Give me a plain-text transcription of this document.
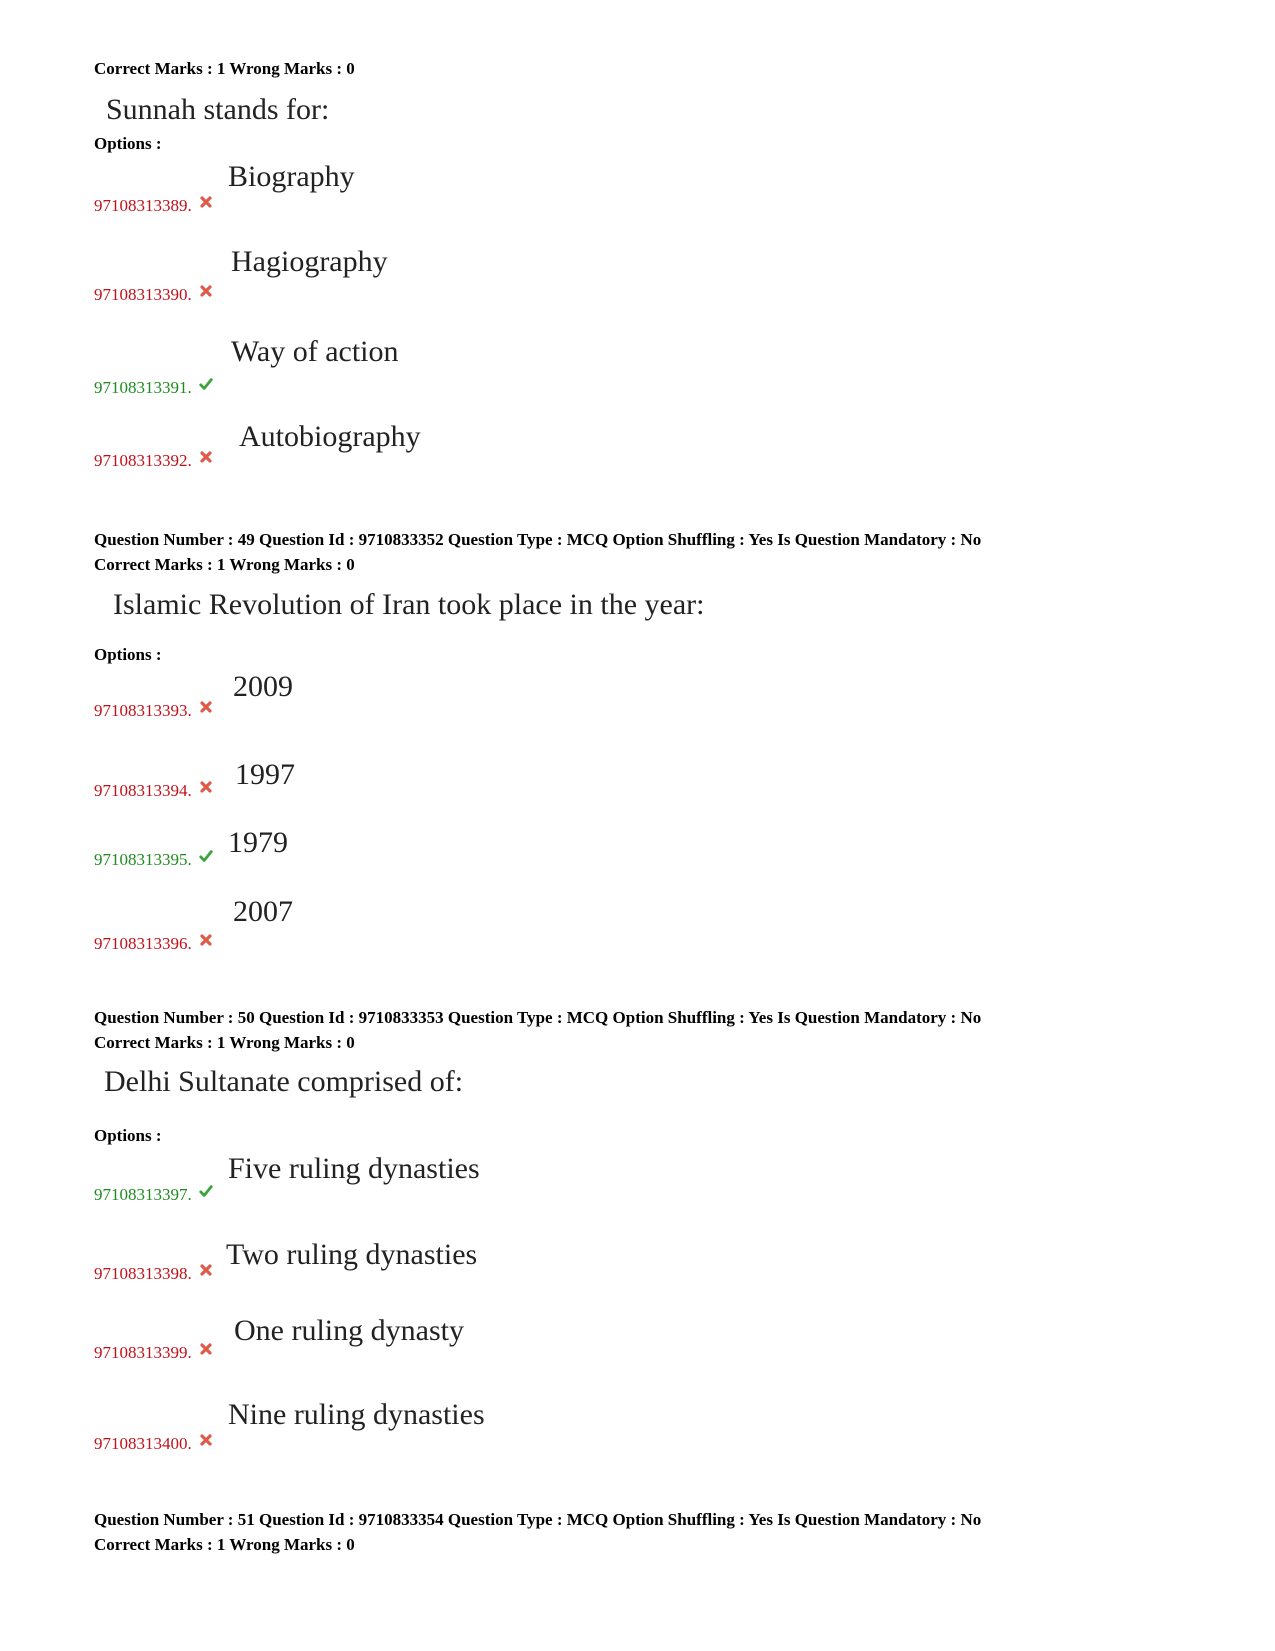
Correct Marks : 1 Wrong Marks : 0
Sunnah stands for:
Options :
97108313389.
Biography
97108313390.
Hagiography
97108313391.
Way of action
97108313392.
Autobiography
Question Number : 49 Question Id : 9710833352 Question Type : MCQ Option Shuffling : Yes Is Question Mandatory : No
Correct Marks : 1 Wrong Marks : 0
Islamic Revolution of Iran took place in the year:
Options :
97108313393.
2009
97108313394.	1997
97108313395.
1979
97108313396.
2007
Question Number : 50 Question Id : 9710833353 Question Type : MCQ Option Shuffling : Yes Is Question Mandatory : No
Correct Marks : 1 Wrong Marks : 0
Delhi Sultanate comprised of:
Options :
97108313397.
Five ruling dynasties
97108313398.
Two ruling dynasties
97108313399.
One ruling dynasty
97108313400.
Nine ruling dynasties
Question Number : 51 Question Id : 9710833354 Question Type : MCQ Option Shuffling : Yes Is Question Mandatory : No
Correct Marks : 1 Wrong Marks : 0
